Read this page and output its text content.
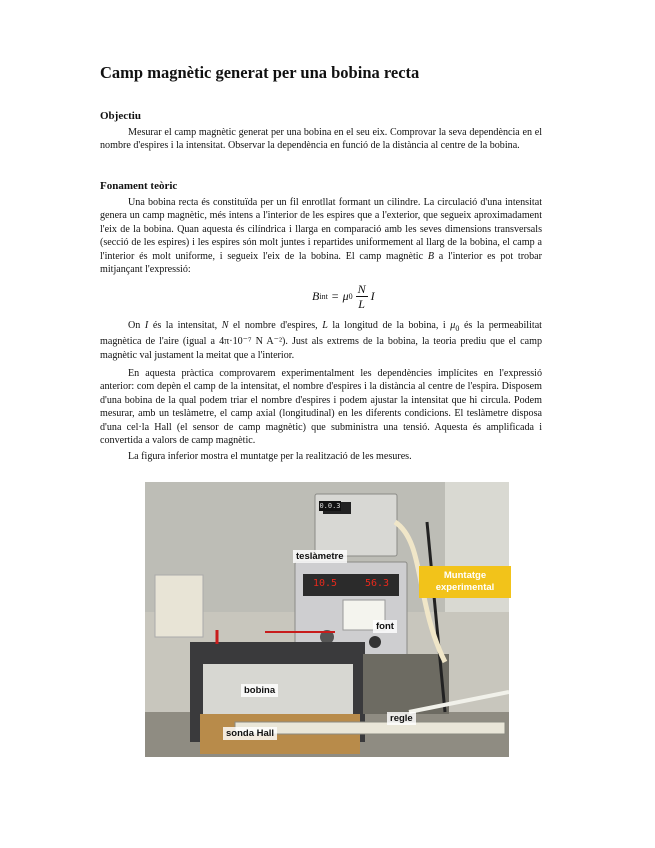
Camp magnètic generat per una bobina recta
Objectiu

Mesurar el camp magnètic generat per una bobina en el seu eix. Comprovar la seva dependència en el nombre d'espires i la intensitat. Observar la dependència en funció de la distància al centre de la bobina.

Fonament teòric

Una bobina recta és constituïda per un fil enrotllat formant un cilindre. La circulació d'una intensitat genera un camp magnètic, més intens a l'interior de les espires que a l'exterior, que segueix aproximadament l'eix de la bobina. Quan aquesta és cilíndrica i llarga en comparació amb les seves dimensions transversals (secció de les espires) i les espires són molt juntes i repartides uniformement al llarg de la bobina, el camp a l'interior és molt uniforme, i segueix l'eix de la bobina. El camp magnètic B a l'interior es pot trobar mitjançant l'expressió:

B int = μ $0 \frac{N}{L}$ I

On I és la intensitat, N el nombre d'espires, L la longitud de la bobina, i $\mu_0$ és la permeabilitat magnètica de l'aire (igual a 4π·10⁻⁷ N A⁻²). Just als extrems de la bobina, la teoria prediu que el camp magnètic val justament la meitat que a l'interior.

En aquesta pràctica comprovarem experimentalment les dependències implícites en l'expressió anterior: com depèn el camp de la intensitat, el nombre d'espires i la distància al centre de l'espira. Disposem d'una bobina de la qual podem triar el nombre d'espires i podem ajustar la intensitat que hi circula. Podem mesurar, amb un teslàmetre, el camp axial (longitudinal) en les diferents condicions. El teslàmetre disposa d'una cel·la Hall (el sensor de camp magnètic) que subministra una tensió. Aquesta és amplificada i convertida a valors de camp magnètic.

La figura inferior mostra el muntatge per la realització de les mesures.

0.0.3
10.5	56.3
teslàmetre
font
bobina
regle
sonda Hall
Muntatge
experimental
